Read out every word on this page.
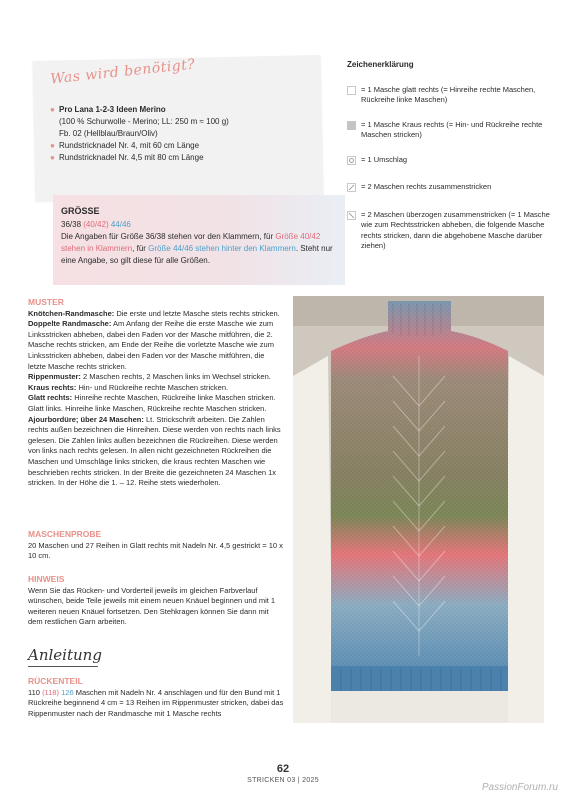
Was wird benötigt?
● Pro Lana 1-2-3 Ideen Merino
(100 % Schurwolle - Merino; LL: 250 m ≈ 100 g)
Fb. 02 (Hellblau/Braun/Oliv)
● Rundstricknadel Nr. 4, mit 60 cm Länge
● Rundstricknadel Nr. 4,5 mit 80 cm Länge
GRÖSSE
36/38 (40/42) 44/46
Die Angaben für Größe 36/38 stehen vor den Klammern, für Größe 40/42 stehen in Klammern, für Größe 44/46 stehen hinter den Klammern. Steht nur eine Angabe, so gilt diese für alle Größen.
Zeichenerklärung
= 1 Masche glatt rechts (= Hinreihe rechte Maschen, Rückreihe linke Maschen)
= 1 Masche Kraus rechts (= Hin- und Rückreihe rechte Maschen stricken)
= 1 Umschlag
= 2 Maschen rechts zusammenstricken
= 2 Maschen überzogen zusammenstricken (= 1 Masche wie zum Rechtsstricken abheben, die folgende Masche rechts stricken, dann die abgehobene Masche darüber ziehen)
MUSTER
Knötchen-Randmasche: Die erste und letzte Masche stets rechts stricken.
Doppelte Randmasche: Am Anfang der Reihe die erste Masche wie zum Linksstricken abheben, dabei den Faden vor der Masche mitführen, die 2. Masche rechts stricken, am Ende der Reihe die vorletzte Masche wie zum Linksstricken abheben, dabei den Faden vor der Masche mitführen, die letzte Masche rechts stricken.
Rippenmuster: 2 Maschen rechts, 2 Maschen links im Wechsel stricken.
Kraus rechts: Hin- und Rückreihe rechte Maschen stricken.
Glatt rechts: Hinreihe rechte Maschen, Rückreihe linke Maschen stricken. Glatt links. Hinreihe linke Maschen, Rückreihe rechte Maschen stricken.
Ajourbordüre; über 24 Maschen: Lt. Strickschrift arbeiten. Die Zahlen rechts außen bezeichnen die Hinreihen. Diese werden von rechts nach links gelesen. Die Zahlen links außen bezeichnen die Rückreihen. Diese werden von links nach rechts gelesen. In allen nicht gezeichneten Rückreihen die Maschen und Umschläge links stricken, die kraus rechten Maschen wie beschrieben rechts stricken. In der Breite die gezeichneten 24 Maschen 1x stricken. In der Höhe die 1. – 12. Reihe stets wiederholen.
MASCHENPROBE
20 Maschen und 27 Reihen in Glatt rechts mit Nadeln Nr. 4,5 gestrickt = 10 x 10 cm.
HINWEIS
Wenn Sie das Rücken- und Vorderteil jeweils im gleichen Farbverlauf wünschen, beide Teile jeweils mit einem neuen Knäuel beginnen und mit 1 weiteren neuen Knäuel fortsetzen. Den Stehkragen können Sie dann mit dem restlichen Garn arbeiten.
Anleitung
RÜCKENTEIL
110 (118) 126 Maschen mit Nadeln Nr. 4 anschlagen und für den Bund mit 1 Rückreihe beginnend 4 cm = 13 Reihen im Rippenmuster stricken, dabei das Rippenmuster nach der Randmasche mit 1 Masche rechts
62
STRICKEN 03 | 2025
PassionForum.ru
